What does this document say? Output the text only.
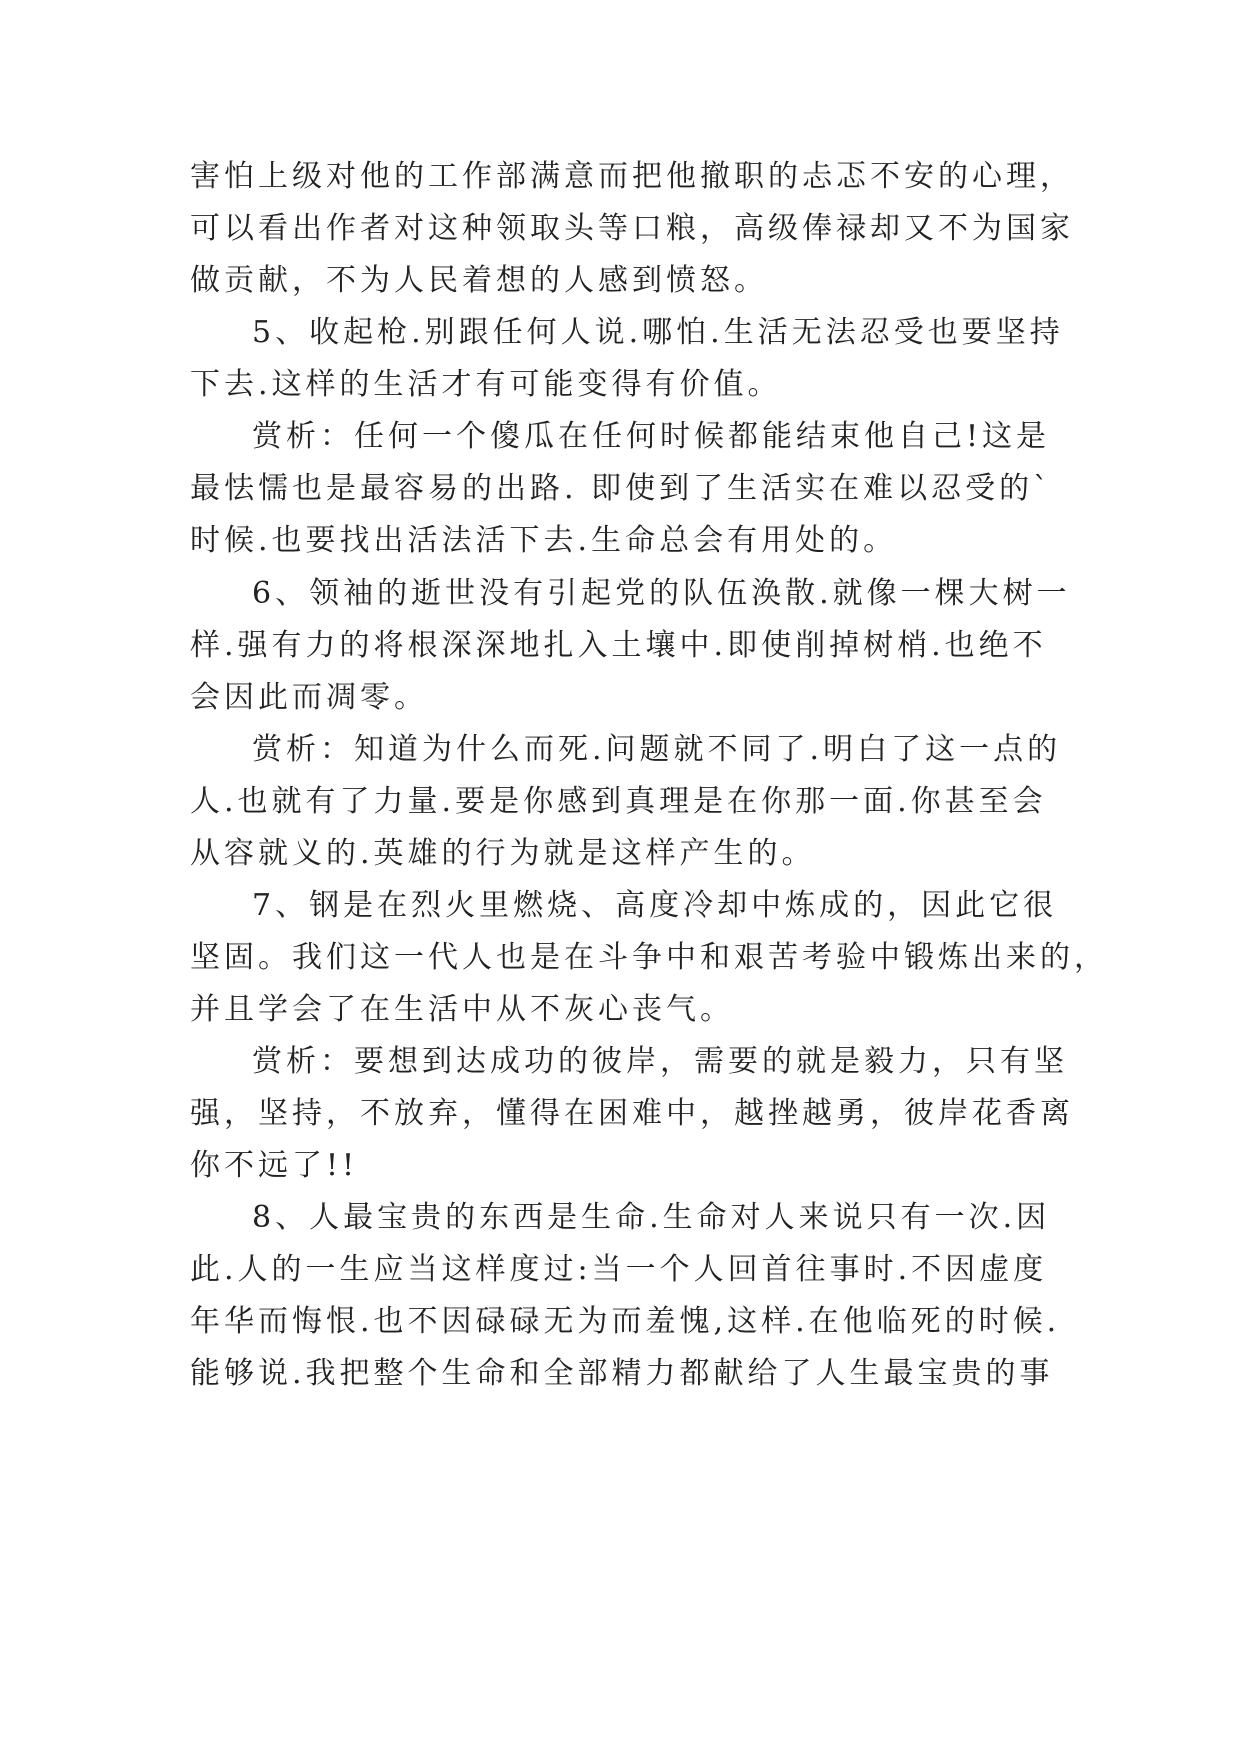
害怕上级对他的工作部满意而把他撤职的忐忑不安的心理，
可以看出作者对这种领取头等口粮，高级俸禄却又不为国家
做贡献，不为人民着想的人感到愤怒。
5、收起枪.别跟任何人说.哪怕.生活无法忍受也要坚持
下去.这样的生活才有可能变得有价值。
赏析：任何一个傻瓜在任何时候都能结束他自己!这是
最怯懦也是最容易的出路. 即使到了生活实在难以忍受的`
时候.也要找出活法活下去.生命总会有用处的。
6、领袖的逝世没有引起党的队伍涣散.就像一棵大树一
样.强有力的将根深深地扎入土壤中.即使削掉树梢.也绝不
会因此而凋零。
赏析：知道为什么而死.问题就不同了.明白了这一点的
人.也就有了力量.要是你感到真理是在你那一面.你甚至会
从容就义的.英雄的行为就是这样产生的。
7、钢是在烈火里燃烧、高度冷却中炼成的，因此它很
坚固。我们这一代人也是在斗争中和艰苦考验中锻炼出来的，
并且学会了在生活中从不灰心丧气。
赏析：要想到达成功的彼岸，需要的就是毅力，只有坚
强，坚持，不放弃，懂得在困难中，越挫越勇，彼岸花香离
你不远了!!
8、人最宝贵的东西是生命.生命对人来说只有一次.因
此.人的一生应当这样度过:当一个人回首往事时.不因虚度
年华而悔恨.也不因碌碌无为而羞愧,这样.在他临死的时候.
能够说.我把整个生命和全部精力都献给了人生最宝贵的事
